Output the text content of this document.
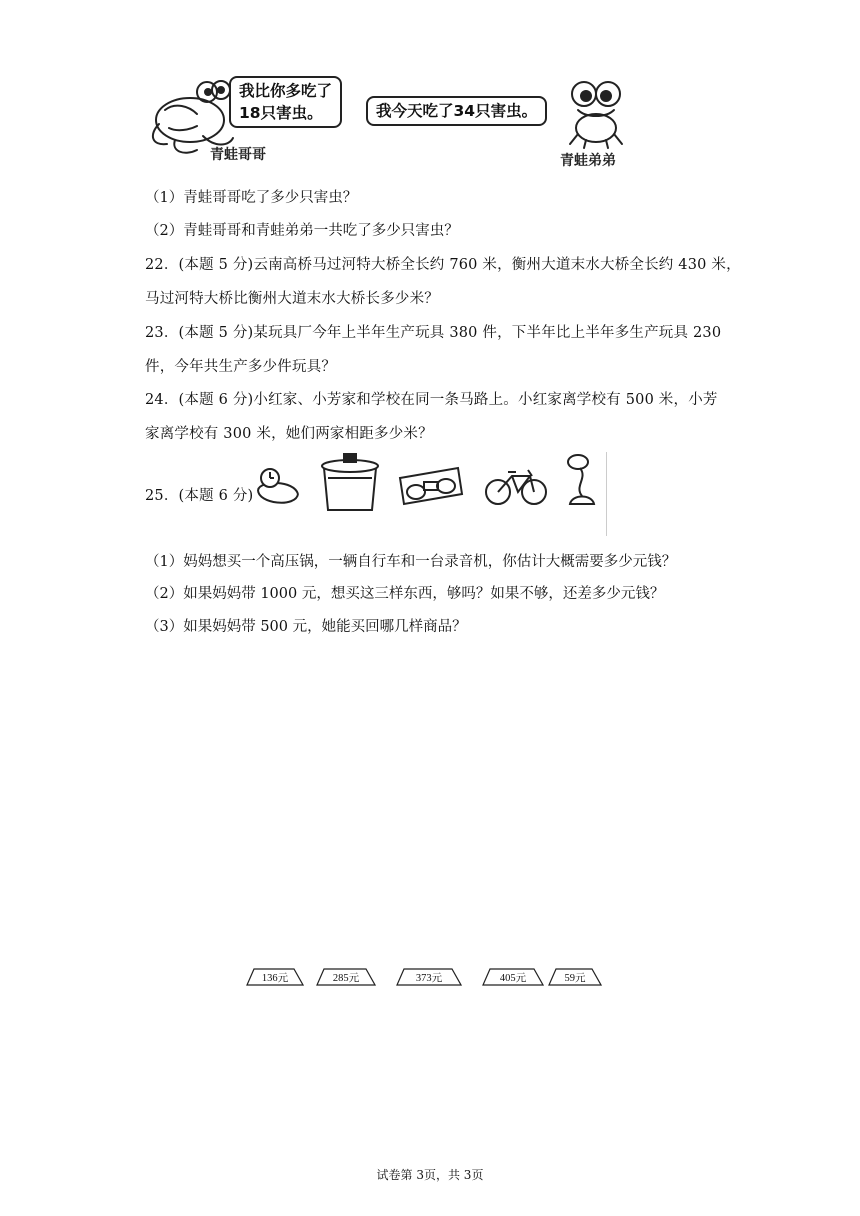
我比你多吃了
18只害虫。	我今天吃了34只害虫。
青蛙哥哥	青蛙弟弟
（1）青蛙哥哥吃了多少只害虫？
（2）青蛙哥哥和青蛙弟弟一共吃了多少只害虫？
22．(本题 5 分)云南高桥马过河特大桥全长约 760 米，衡州大道末水大桥全长约 430 米，
马过河特大桥比衡州大道末水大桥长多少米？
23．(本题 5 分)某玩具厂今年上半年生产玩具 380 件，下半年比上半年多生产玩具 230
件，今年共生产多少件玩具？
24．(本题 6 分)小红家、小芳家和学校在同一条马路上。小红家离学校有 500 米，小芳
家离学校有 300 米，她们两家相距多少米？
25．(本题 6 分)
136元	285元	373元	405元	59元
（1）妈妈想买一个高压锅，一辆自行车和一台录音机，你估计大概需要多少元钱？
（2）如果妈妈带 1000 元，想买这三样东西，够吗？如果不够，还差多少元钱？
（3）如果妈妈带 500 元，她能买回哪几样商品？
试卷第 3页，共 3页
